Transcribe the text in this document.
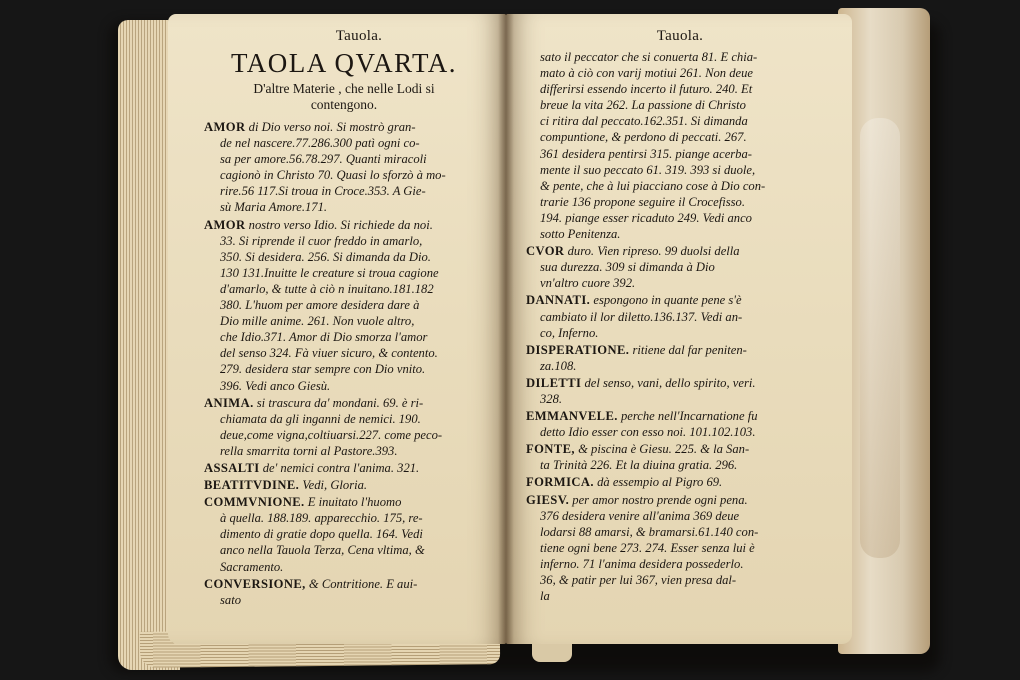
Tauola.
TAOLA QVARTA.
D'altre Materie , che nelle Lodi si
contengono.
AMOR di Dio verso noi. Si mostrò gran-
de nel nascere.77.286.300 patì ogni co-
sa per amore.56.78.297. Quanti miracoli
cagionò in Christo 70. Quasi lo sforzò à mo-
rire.56 117.Si troua in Croce.353. A Gie-
sù Maria Amore.171.
AMOR nostro verso Idio. Si richiede da noi.
33. Si riprende il cuor freddo in amarlo,
350. Si desidera. 256. Si dimanda da Dio.
130 131.Inuitte le creature si troua cagione
d'amarlo, & tutte à ciò n inuitano.181.182
380. L'huom per amore desidera dare à
Dio mille anime. 261. Non vuole altro,
che Idio.371. Amor di Dio smorza l'amor
del senso 324. Fà viuer sicuro, & contento.
279. desidera star sempre con Dio vnito.
396. Vedi anco Giesù.
ANIMA. si trascura da' mondani. 69. è ri-
chiamata da gli inganni de nemici. 190.
deue,come vigna,coltiuarsi.227. come peco-
rella smarrita torni al Pastore.393.
ASSALTI de' nemici contra l'anima. 321.
BEATITVDINE. Vedi, Gloria.
COMMVNIONE. E inuitato l'huomo
à quella. 188.189. apparecchio. 175, re-
dimento di gratie dopo quella. 164. Vedi
anco nella Tauola Terza, Cena vltima, &
Sacramento.
CONVERSIONE, & Contritione. E aui-
sato
Tauola.
sato il peccator che si conuerta 81. E chia-
mato à ciò con varij motiui 261. Non deue
differirsi essendo incerto il futuro. 240. Et
breue la vita 262. La passione di Christo
ci ritira dal peccato.162.351. Si dimanda
compuntione, & perdono di peccati. 267.
361 desidera pentirsi 315. piange acerba-
mente il suo peccato 61. 319. 393 si duole,
& pente, che à lui piacciano cose à Dio con-
trarie 136 propone seguire il Crocefisso.
194. piange esser ricaduto 249. Vedi anco
sotto Penitenza.
CVOR duro. Vien ripreso. 99 duolsi della
sua durezza. 309 si dimanda à Dio
vn'altro cuore 392.
DANNATI. espongono in quante pene s'è
cambiato il lor diletto.136.137. Vedi an-
co, Inferno.
DISPERATIONE. ritiene dal far peniten-
za.108.
DILETTI del senso, vani, dello spirito, veri.
328.
EMMANVELE. perche nell'Incarnatione fu
detto Idio esser con esso noi. 101.102.103.
FONTE, & piscina è Giesu. 225. & la San-
ta Trinità 226. Et la diuina gratia. 296.
FORMICA. dà essempio al Pigro 69.
GIESV. per amor nostro prende ogni pena.
376 desidera venire all'anima 369 deue
lodarsi 88 amarsi, & bramarsi.61.140 con-
tiene ogni bene 273. 274. Esser senza lui è
inferno. 71 l'anima desidera possederlo.
36, & patir per lui 367, vien presa dal-
la
